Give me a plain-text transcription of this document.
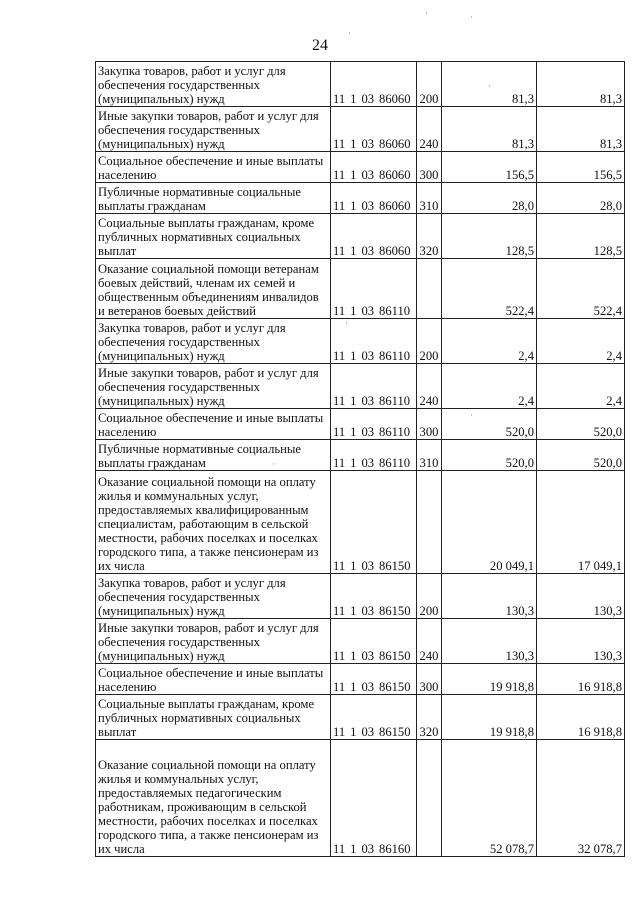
·	·
·
·
·
·
·
24
Закупка товаров, работ и услуг для обеспечения государственных (муниципальных) нужд	11 1 03 86060	200	81,3	81,3
Иные закупки товаров, работ и услуг для обеспечения государственных (муниципальных) нужд	11 1 03 86060	240	81,3	81,3
Социальное обеспечение и иные выплаты населению	11 1 03 86060	300	156,5	156,5
Публичные нормативные социальные выплаты гражданам	11 1 03 86060	310	28,0	28,0
Социальные выплаты гражданам, кроме публичных нормативных социальных выплат	11 1 03 86060	320	128,5	128,5
Оказание социальной помощи ветеранам боевых действий, членам их семей и общественным объединениям инвалидов и ветеранов боевых действий	11 1 03 86110		522,4	522,4
Закупка товаров, работ и услуг для обеспечения государственных (муниципальных) нужд	11 1 03 86110	200	2,4	2,4
Иные закупки товаров, работ и услуг для обеспечения государственных (муниципальных) нужд	11 1 03 86110	240	2,4	2,4
Социальное обеспечение и иные выплаты населению	11 1 03 86110	300	520,0	520,0
Публичные нормативные социальные выплаты гражданам	11 1 03 86110	310	520,0	520,0
Оказание социальной помощи на оплату жилья и коммунальных услуг, предоставляемых квалифицированным специалистам, работающим в сельской местности, рабочих поселках и поселках городского типа, а также пенсионерам из их числа	11 1 03 86150		20 049,1	17 049,1
Закупка товаров, работ и услуг для обеспечения государственных (муниципальных) нужд	11 1 03 86150	200	130,3	130,3
Иные закупки товаров, работ и услуг для обеспечения государственных (муниципальных) нужд	11 1 03 86150	240	130,3	130,3
Социальное обеспечение и иные выплаты населению	11 1 03 86150	300	19 918,8	16 918,8
Социальные выплаты гражданам, кроме публичных нормативных социальных выплат	11 1 03 86150	320	19 918,8	16 918,8
Оказание социальной помощи на оплату жилья и коммунальных услуг, предоставляемых педагогическим работникам, проживающим в сельской местности, рабочих поселках и поселках городского типа, а также пенсионерам из их числа	11 1 03 86160		52 078,7	32 078,7
